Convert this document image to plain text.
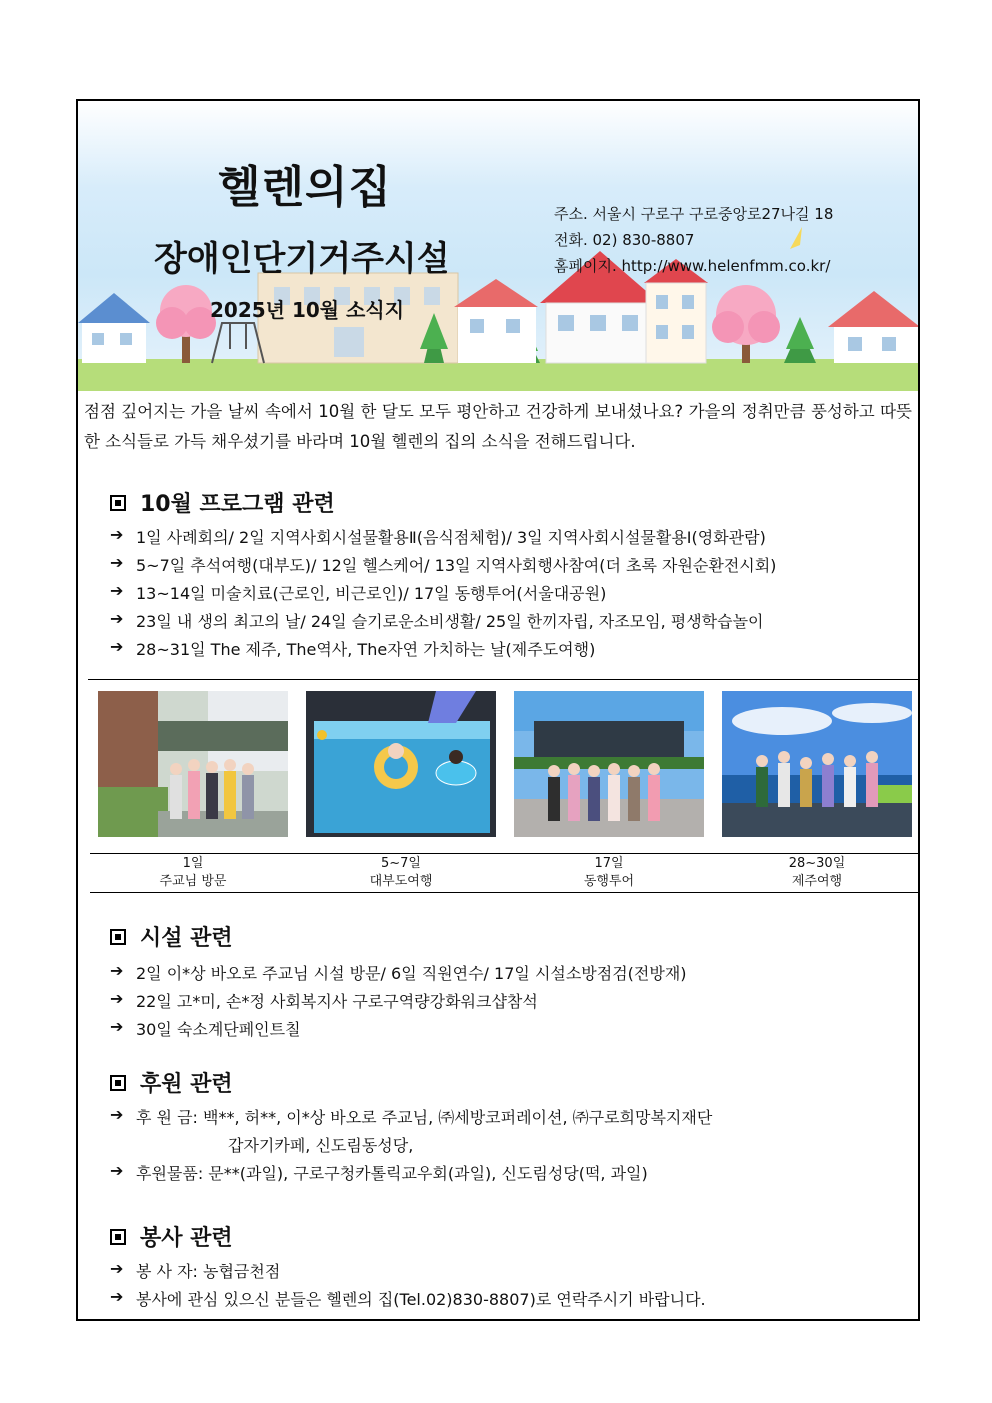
헬렌의집
장애인단기거주시설
2025년 10월 소식지
주소. 서울시 구로구 구로중앙로27나길 18
전화. 02) 830-8807
홈페이지. http://www.helenfmm.co.kr/
점점 깊어지는 가을 날씨 속에서 10월 한 달도 모두 평안하고 건강하게 보내셨나요? 가을의 정취만큼 풍성하고 따뜻한 소식들로 가득 채우셨기를 바라며 10월 헬렌의 집의 소식을 전해드립니다.
10월 프로그램 관련
➔ 1일 사례회의/ 2일 지역사회시설물활용Ⅱ(음식점체험)/ 3일 지역사회시설물활용Ⅰ(영화관람)
➔ 5~7일 추석여행(대부도)/ 12일 헬스케어/ 13일 지역사회행사참여(더 초록 자원순환전시회)
➔ 13~14일 미술치료(근로인, 비근로인)/ 17일 동행투어(서울대공원)
➔ 23일 내 생의 최고의 날/ 24일 슬기로운소비생활/ 25일 한끼자립, 자조모임, 평생학습놀이
➔ 28~31일 The 제주, The역사, The자연 가치하는 날(제주도여행)
1일
주교님 방문
5~7일
대부도여행
17일
동행투어
28~30일
제주여행
시설 관련
➔ 2일 이*상 바오로 주교님 시설 방문/ 6일 직원연수/ 17일 시설소방점검(전방재)
➔ 22일 고*미, 손*정 사회복지사 구로구역량강화워크샵참석
➔ 30일 숙소계단페인트칠
후원 관련
➔ 후 원 금: 백**, 허**, 이*상 바오로 주교님, ㈜세방코퍼레이션, ㈜구로희망복지재단
갑자기카페, 신도림동성당,
➔ 후원물품: 문**(과일), 구로구청카톨릭교우회(과일), 신도림성당(떡, 과일)
봉사 관련
➔ 봉 사 자: 농협금천점
➔ 봉사에 관심 있으신 분들은 헬렌의 집(Tel.02)830-8807)로 연락주시기 바랍니다.
